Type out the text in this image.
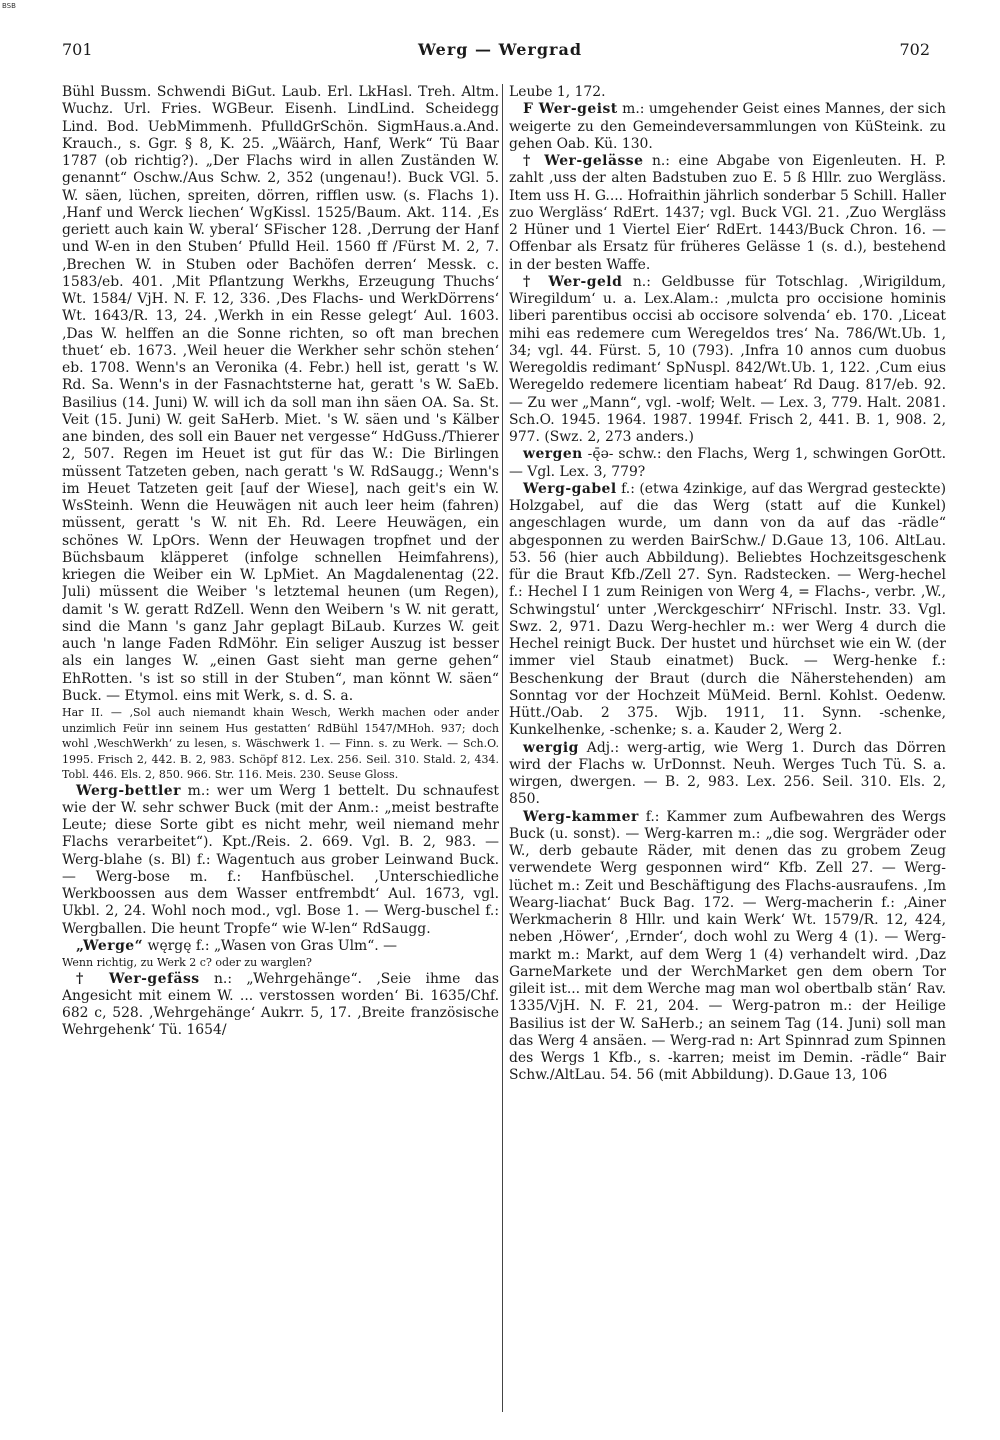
BSB
701	Werg — Wergrad	702

Bühl Bussm. Schwendi BiGut. Laub. Erl. LkHasl. Treh. Altm. Wuchz. Url. Fries. WGBeur. Eisenh. LindLind. Scheidegg Lind. Bod. UebMimmenh. PfulldGrSchön. SigmHaus.a.And. Krauch., s. Ggr. § 8, K. 25. „Wäärch, Hanf, Werk“ Tü Baar 1787 (ob richtig?). „Der Flachs wird in allen Zuständen W. genannt“ Oschw./Aus Schw. 2, 352 (ungenau!). Buck VGl. 5. W. säen, lüchen, spreiten, dörren, rifflen usw. (s. Flachs 1). ‚Hanf und Werck liechen‘ WgKissl. 1525/Baum. Akt. 114. ‚Es geriett auch kain W. yberal‘ SFischer 128. ‚Derrung der Hanf und W-en in den Stuben‘ Pfulld Heil. 1560 ff /Fürst M. 2, 7. ‚Brechen W. in Stuben oder Bachöfen derren‘ Messk. c. 1583/eb. 401. ‚Mit Pflantzung Werkhs, Erzeugung Thuchs‘ Wt. 1584/ VjH. N. F. 12, 336. ‚Des Flachs- und WerkDörrens‘ Wt. 1643/R. 13, 24. ‚Werkh in ein Resse gelegt‘ Aul. 1603. ‚Das W. helffen an die Sonne richten, so oft man brechen thuet‘ eb. 1673. ‚Weil heuer die Werkher sehr schön stehen‘ eb. 1708. Wenn's an Veronika (4. Febr.) hell ist, geratt 's W. Rd. Sa. Wenn's in der Fasnachtsterne hat, geratt 's W. SaEb. Basilius (14. Juni) W. will ich da soll man ihn säen OA. Sa. St. Veit (15. Juni) W. geit SaHerb. Miet. 's W. säen und 's Kälber ane binden, des soll ein Bauer net vergesse“ HdGuss./Thierer 2, 507. Regen im Heuet ist gut für das W.: Die Birlingen müssent Tatzeten geben, nach geratt 's W. RdSaugg.; Wenn's im Heuet Tatzeten geit [auf der Wiese], nach geit's ein W. WsSteinh. Wenn die Heuwägen nit auch leer heim (fahren) müssent, geratt 's W. nit Eh. Rd. Leere Heuwägen, ein schönes W. LpOrs. Wenn der Heuwagen tropfnet und der Büchsbaum kläpperet (infolge schnellen Heimfahrens), kriegen die Weiber ein W. LpMiet. An Magdalenentag (22. Juli) müssent die Weiber 's letztemal heunen (um Regen), damit 's W. geratt RdZell. Wenn den Weibern 's W. nit geratt, sind die Mann 's ganz Jahr geplagt BiLaub. Kurzes W. geit auch 'n lange Faden RdMöhr. Ein seliger Auszug ist besser als ein langes W. „einen Gast sieht man gerne gehen“ EhRotten. 's ist so still in der Stuben“, man könnt W. säen“ Buck. — Etymol. eins mit Werk, s. d. S. a.

Har II. — ‚Sol auch niemandt khain Wesch, Werkh machen oder ander unzimlich Feür inn seinem Hus gestatten‘ RdBühl 1547/MHoh. 937; doch wohl ‚WeschWerkh‘ zu lesen, s. Wäschwerk 1. — Finn. s. zu Werk. — Sch.O. 1995. Frisch 2, 442. B. 2, 983. Schöpf 812. Lex. 256. Seil. 310. Stald. 2, 434. Tobl. 446. Els. 2, 850. 966. Str. 116. Meis. 230. Seuse Gloss.

Werg-bettler m.: wer um Werg 1 bettelt. Du schnaufest wie der W. sehr schwer Buck (mit der Anm.: „meist bestrafte Leute; diese Sorte gibt es nicht mehr, weil niemand mehr Flachs verarbeitet“). Kpt./Reis. 2. 669. Vgl. B. 2, 983. — Werg-blahe (s. Bl) f.: Wagentuch aus grober Leinwand Buck. — Werg-bose m. f.: Hanfbüschel. ‚Unterschiedliche Werkboossen aus dem Wasser entfrembdt‘ Aul. 1673, vgl. Ukbl. 2, 24. Wohl noch mod., vgl. Bose 1. — Werg-buschel f.: Wergballen. Die heunt Tropfe“ wie W-len“ RdSaugg.

„Werge“ węrgę f.: „Wasen von Gras Ulm“. —

Wenn richtig, zu Werk 2 c? oder zu warglen?

† Wer-gefäss n.: „Wehrgehänge“. ‚Seie ihme das Angesicht mit einem W. ... verstossen worden‘ Bi. 1635/Chf. 682 c, 528. ‚Wehrgehänge‘ Aukrr. 5, 17. ‚Breite französische Wehrgehenk‘ Tü. 1654/

Leube 1, 172.

F Wer-geist m.: umgehender Geist eines Mannes, der sich weigerte zu den Gemeindeversammlungen von KüSteink. zu gehen Oab. Kü. 130.

† Wer-gelässe n.: eine Abgabe von Eigenleuten. H. P. zahlt ‚uss der alten Badstuben zuo E. 5 ß Hllr. zuo Wergläss. Item uss H. G.... Hofraithin jährlich sonderbar 5 Schill. Haller zuo Wergläss‘ RdErt. 1437; vgl. Buck VGl. 21. ‚Zuo Wergläss 2 Hüner und 1 Viertel Eier‘ RdErt. 1443/Buck Chron. 16. — Offenbar als Ersatz für früheres Gelässe 1 (s. d.), bestehend in der besten Waffe.

† Wer-geld n.: Geldbusse für Totschlag. ‚Wirigildum, Wiregildum‘ u. a. Lex.Alam.: ‚mulcta pro occisione hominis liberi parentibus occisi ab occisore solvenda‘ eb. 170. ‚Liceat mihi eas redemere cum Weregeldos tres‘ Na. 786/Wt.Ub. 1, 34; vgl. 44. Fürst. 5, 10 (793). ‚Infra 10 annos cum duobus Weregoldis redimant‘ SpNuspl. 842/Wt.Ub. 1, 122. ‚Cum eius Weregeldo redemere licentiam habeat‘ Rd Daug. 817/eb. 92. — Zu wer „Mann“, vgl. -wolf; Welt. — Lex. 3, 779. Halt. 2081. Sch.O. 1945. 1964. 1987. 1994f. Frisch 2, 441. B. 1, 908. 2, 977. (Swz. 2, 273 anders.)

wergen -ę̄ə- schw.: den Flachs, Werg 1, schwingen GorOtt. — Vgl. Lex. 3, 779?

Werg-gabel f.: (etwa 4zinkige, auf das Wergrad gesteckte) Holzgabel, auf die das Werg (statt auf die Kunkel) angeschlagen wurde, um dann von da auf das -rädle“ abgesponnen zu werden BairSchw./ D.Gaue 13, 106. AltLau. 53. 56 (hier auch Abbildung). Beliebtes Hochzeitsgeschenk für die Braut Kfb./Zell 27. Syn. Radstecken. — Werg-hechel f.: Hechel I 1 zum Reinigen von Werg 4, = Flachs-, verbr. ‚W., Schwingstul‘ unter ‚Werckgeschirr‘ NFrischl. Instr. 33. Vgl. Swz. 2, 971. Dazu Werg-hechler m.: wer Werg 4 durch die Hechel reinigt Buck. Der hustet und hürchset wie ein W. (der immer viel Staub einatmet) Buck. — Werg-henke f.: Beschenkung der Braut (durch die Näherstehenden) am Sonntag vor der Hochzeit MüMeid. Bernl. Kohlst. Oedenw. Hütt./Oab. 2 375. Wjb. 1911, 11. Synn. -schenke, Kunkelhenke, -schenke; s. a. Kauder 2, Werg 2.

wergig Adj.: werg-artig, wie Werg 1. Durch das Dörren wird der Flachs w. UrDonnst. Neuh. Werges Tuch Tü. S. a. wirgen, dwergen. — B. 2, 983. Lex. 256. Seil. 310. Els. 2, 850.

Werg-kammer f.: Kammer zum Aufbewahren des Wergs Buck (u. sonst). — Werg-karren m.: „die sog. Wergräder oder W., derb gebaute Räder, mit denen das zu grobem Zeug verwendete Werg gesponnen wird“ Kfb. Zell 27. — Werg-lüchet m.: Zeit und Beschäftigung des Flachs-ausraufens. ‚Im Wearg-liachat‘ Buck Bag. 172. — Werg-macherin f.: ‚Ainer Werkmacherin 8 Hllr. und kain Werk‘ Wt. 1579/R. 12, 424, neben ‚Höwer‘, ‚Ernder‘, doch wohl zu Werg 4 (1). — Werg-markt m.: Markt, auf dem Werg 1 (4) verhandelt wird. ‚Daz GarneMarkete und der WerchMarket gen dem obern Tor gileit ist... mit dem Werche mag man wol obertbalb stän‘ Rav. 1335/VjH. N. F. 21, 204. — Werg-patron m.: der Heilige Basilius ist der W. SaHerb.; an seinem Tag (14. Juni) soll man das Werg 4 ansäen. — Werg-rad n: Art Spinnrad zum Spinnen des Wergs 1 Kfb., s. -karren; meist im Demin. -rädle“ Bair Schw./AltLau. 54. 56 (mit Abbildung). D.Gaue 13, 106
